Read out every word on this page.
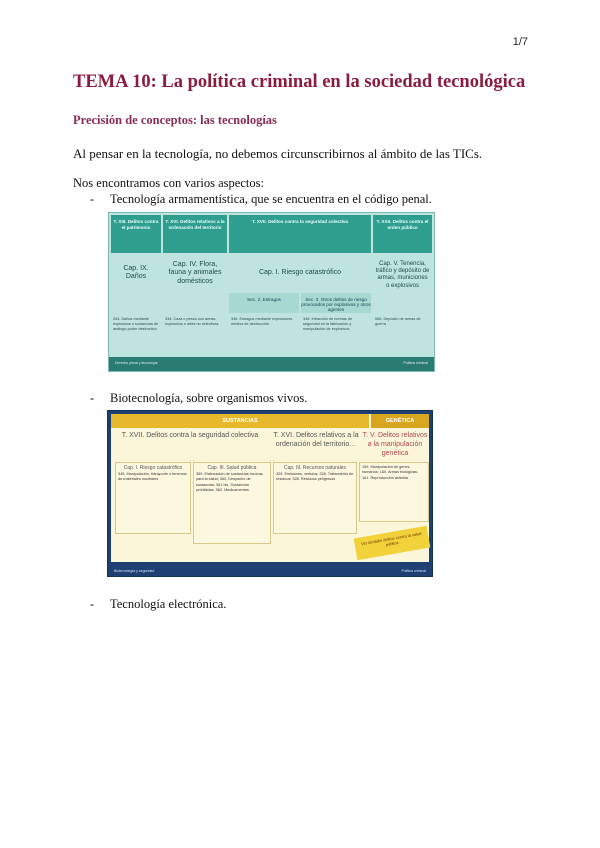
1/7
TEMA 10: La política criminal en la sociedad tecnológica
Precisión de conceptos: las tecnologías
Al pensar en la tecnología, no debemos circunscribirnos al ámbito de las TICs.
Nos encontramos con varios aspectos:
- Tecnología armamentística, que se encuentra en el código penal.
T. XIII. Delitos contra el patrimonio
T. XVI. Delitos relativos a la ordenación del territorio
T. XVII. Delitos contra la seguridad colectiva	T. XXII. Delitos contra el orden público
Cap. IX. Daños
Cap. IV. Flora, fauna y animales domésticos
Cap. I. Riesgo catastrófico
Cap. V. Tenencia, tráfico y depósito de armas, municiones o explosivos
Sec. 2. Estragos	Sec. 3. Otros delitos de riesgo provocados por explosivos y otros agentes
264. Daños mediante explosivos o sustancias de análogo poder destructivo
334. Caza o pesca con armas, explosivos o artes no selectivas
346. Estragos mediante explosiones, medios de destrucción
348. Infracción de normas de seguridad en la fabricación y manipulación de explosivos
566. Depósito de armas de guerra
Derecho penal y tecnología	Política criminal
- Biotecnología, sobre organismos vivos.
SUSTANCIAS	GENÉTICA
T. XVII. Delitos contra la seguridad colectiva	T. XVI. Delitos relativos a la ordenación del territorio…
T. V. Delitos relativos a la manipulación genética
Cap. I. Riesgo catastrófico
345. Manipulación, transporte o tenencia de materiales nucleares
Cap. III. Salud pública
359. Elaboración de sustancias nocivas para la salud; 360. Despacho de sustancias; 361 bis. Sustancias prohibidas; 362. Medicamentos
Cap. III. Recursos naturales
325. Emisiones, vertidos; 326. Tratamiento de residuos; 328. Residuos peligrosos
159. Manipulación de genes humanos; 160. Armas biológicas; 161. Reproducción asistida
Ver también delitos contra la salud pública
Biotecnología y seguridad	Política criminal
- Tecnología electrónica.
